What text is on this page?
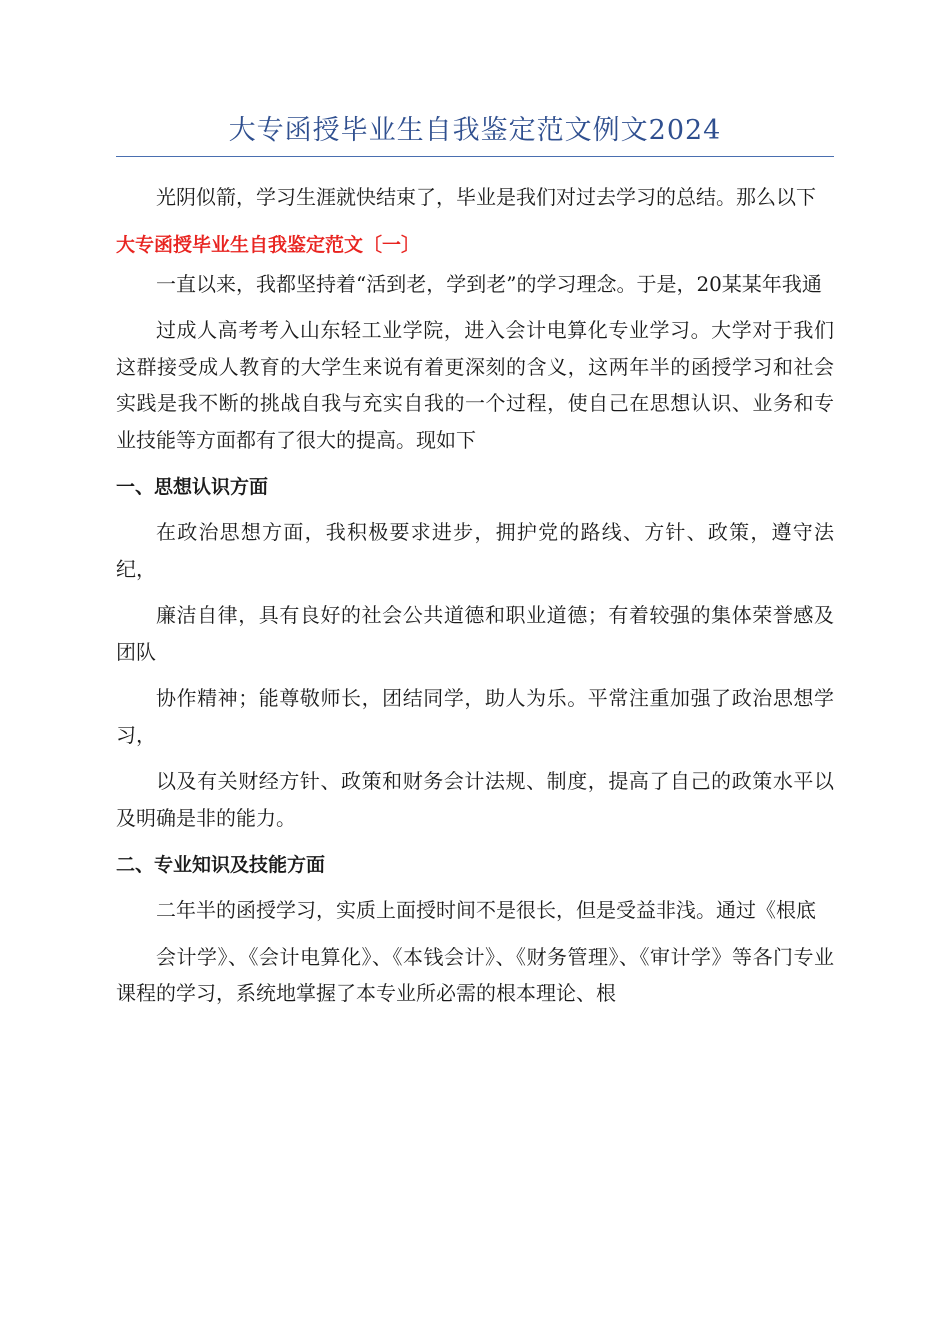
大专函授毕业生自我鉴定范文例文2024

光阴似箭，学习生涯就快结束了，毕业是我们对过去学习的总结。那么以下

大专函授毕业生自我鉴定范文〔一〕

一直以来，我都坚持着“活到老，学到老”的学习理念。于是，20某某年我通

过成人高考考入山东轻工业学院，进入会计电算化专业学习。大学对于我们这群接受成人教育的大学生来说有着更深刻的含义，这两年半的函授学习和社会实践是我不断的挑战自我与充实自我的一个过程，使自己在思想认识、业务和专业技能等方面都有了很大的提高。现如下

一、思想认识方面

在政治思想方面，我积极要求进步，拥护党的路线、方针、政策，遵守法纪，

廉洁自律，具有良好的社会公共道德和职业道德；有着较强的集体荣誉感及团队

协作精神；能尊敬师长，团结同学，助人为乐。平常注重加强了政治思想学习，

以及有关财经方针、政策和财务会计法规、制度，提高了自己的政策水平以及明确是非的能力。

二、专业知识及技能方面

二年半的函授学习，实质上面授时间不是很长，但是受益非浅。通过《根底

会计学》、《会计电算化》、《本钱会计》、《财务管理》、《审计学》等各门专业课程的学习，系统地掌握了本专业所必需的根本理论、根
